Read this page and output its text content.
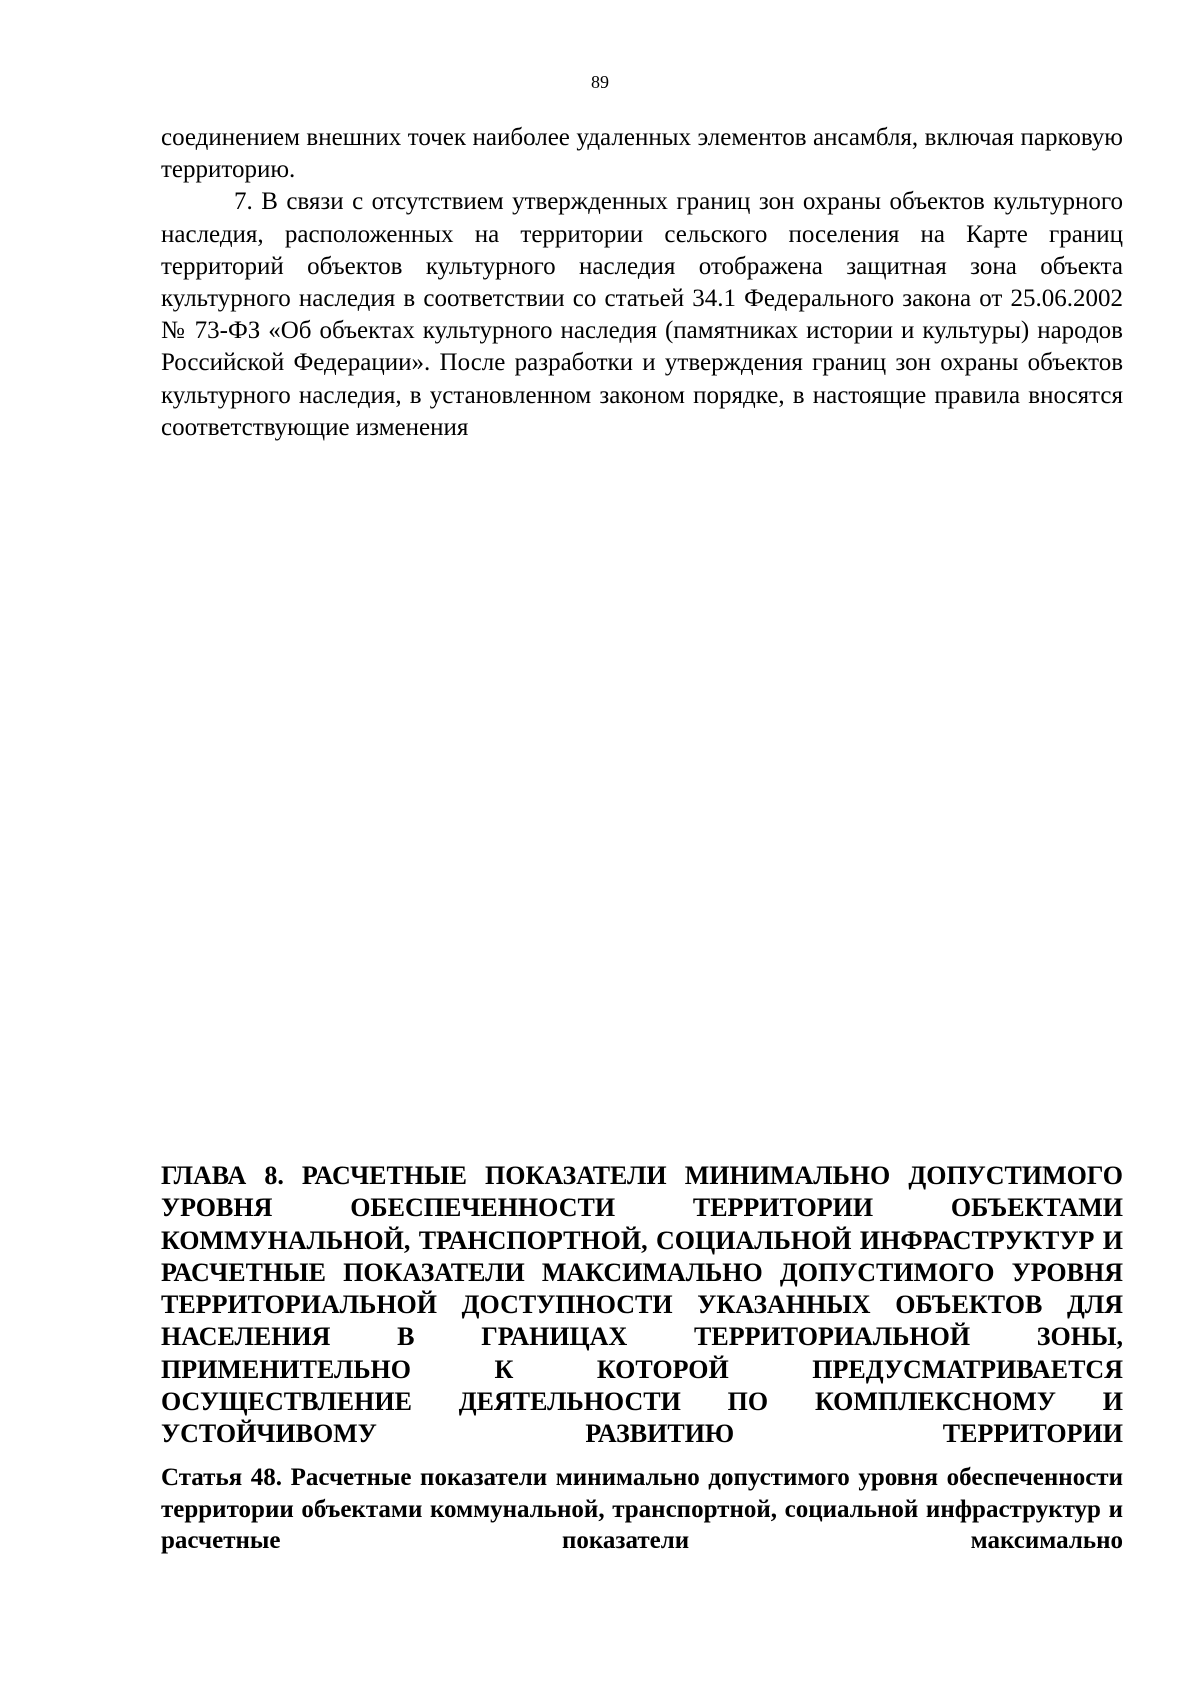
89

соединением внешних точек наиболее удаленных элементов ансамбля, включая парковую территорию.

7. В связи с отсутствием утвержденных границ зон охраны объектов культурного наследия, расположенных на территории сельского поселения на Карте границ территорий объектов культурного наследия отображена защитная зона объекта культурного наследия в соответствии со статьей 34.1 Федерального закона от 25.06.2002 № 73-ФЗ «Об объектах культурного наследия (памятниках истории и культуры) народов Российской Федерации». После разработки и утверждения границ зон охраны объектов культурного наследия, в установленном законом порядке, в настоящие правила вносятся соответствующие изменения

ГЛАВА 8. РАСЧЕТНЫЕ ПОКАЗАТЕЛИ МИНИМАЛЬНО ДОПУСТИМОГО УРОВНЯ ОБЕСПЕЧЕННОСТИ ТЕРРИТОРИИ ОБЪЕКТАМИ КОММУНАЛЬНОЙ, ТРАНСПОРТНОЙ, СОЦИАЛЬНОЙ ИНФРАСТРУКТУР И РАСЧЕТНЫЕ ПОКАЗАТЕЛИ МАКСИМАЛЬНО ДОПУСТИМОГО УРОВНЯ ТЕРРИТОРИАЛЬНОЙ ДОСТУПНОСТИ УКАЗАННЫХ ОБЪЕКТОВ ДЛЯ НАСЕЛЕНИЯ В ГРАНИЦАХ ТЕРРИТОРИАЛЬНОЙ ЗОНЫ, ПРИМЕНИТЕЛЬНО К КОТОРОЙ ПРЕДУСМАТРИВАЕТСЯ ОСУЩЕСТВЛЕНИЕ ДЕЯТЕЛЬНОСТИ ПО КОМПЛЕКСНОМУ И УСТОЙЧИВОМУ РАЗВИТИЮ ТЕРРИТОРИИ
Статья 48. Расчетные показатели минимально допустимого уровня обеспеченности территории объектами коммунальной, транспортной, социальной инфраструктур и расчетные показатели максимально
